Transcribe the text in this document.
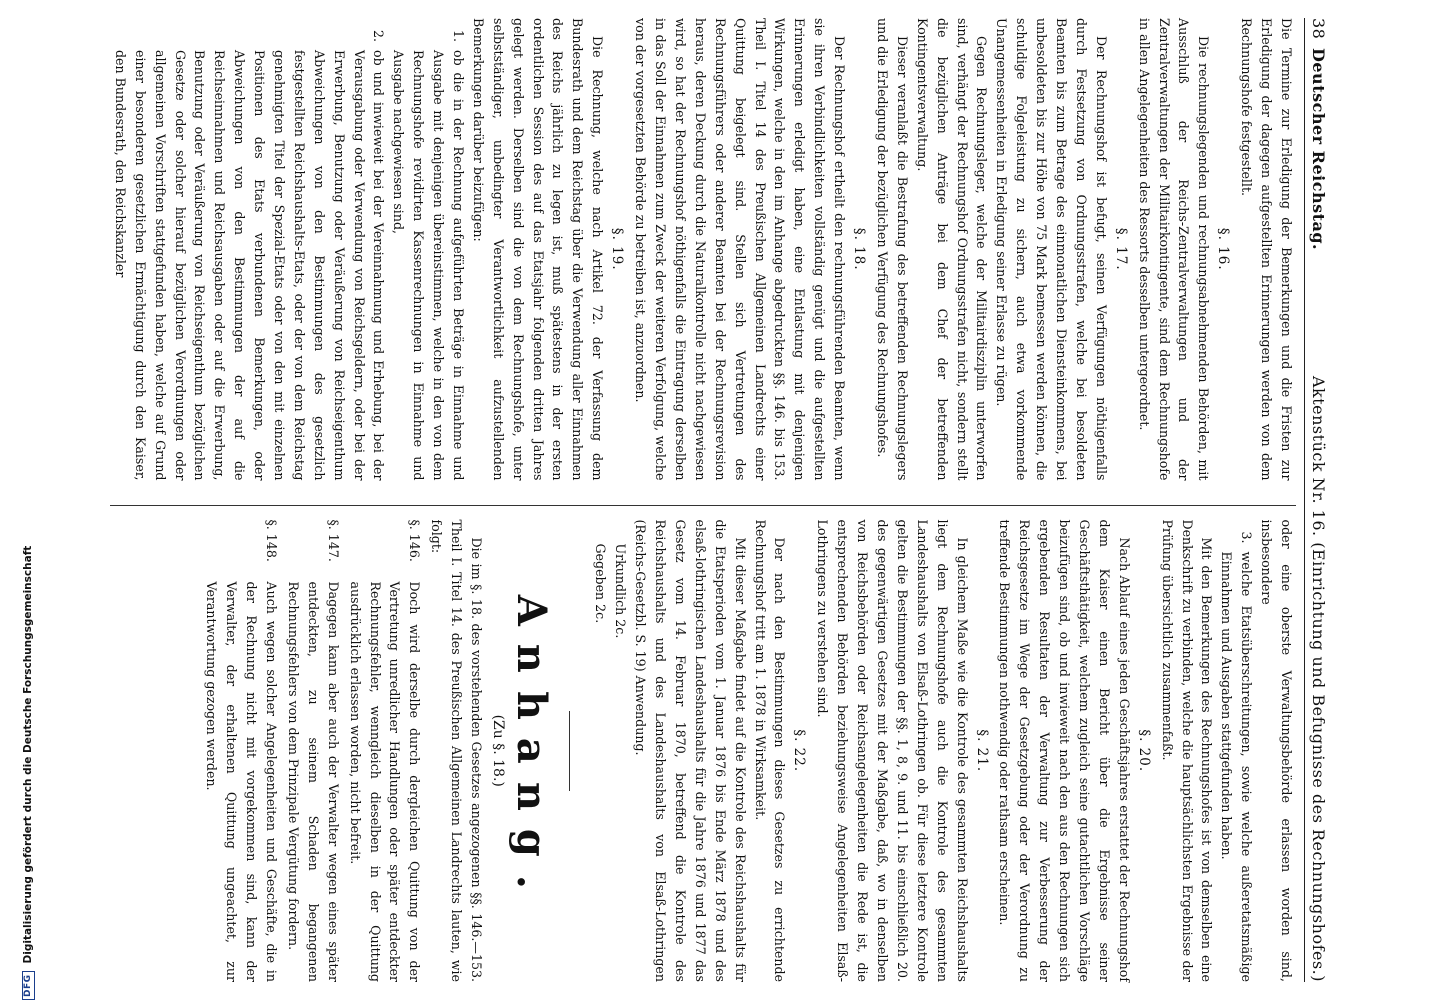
38
Deutscher Reichstag.
Aktenstück Nr. 16. (Einrichtung und Befugnisse des Rechnungshofes.)

Die Termine zur Erledigung der Bemerkungen und die Fristen zur Erledigung der dagegen aufgestellten Erinnerungen werden von dem Rechnungshofe festgestellt.

§. 16.

Die rechnungslegenden und rechnungsabnehmenden Behörden, mit Ausschluß der Reichs-Zentralverwaltungen und der Zentralverwaltungen der Militairkontingente, sind dem Rechnungshofe in allen Angelegenheiten des Ressorts desselben untergeordnet.

§. 17.

Der Rechnungshof ist befugt, seinen Verfügungen nöthigenfalls durch Festsetzung von Ordnungsstrafen, welche bei besoldeten Beamten bis zum Betrage des einmonatlichen Diensteinkommens, bei unbesoldeten bis zur Höhe von 75 Mark bemessen werden können, die schuldige Folgeleistung zu sichern, auch etwa vorkommende Unangemessenheiten in Erledigung seiner Erlasse zu rügen.

Gegen Rechnungsleger, welche der Militairdisziplin unterworfen sind, verhängt der Rechnungshof Ordnungsstrafen nicht, sondern stellt die bezüglichen Anträge bei dem Chef der betreffenden Kontingentsverwaltung.

Dieser veranlaßt die Bestrafung des betreffenden Rechnungslegers und die Erledigung der bezüglichen Verfügung des Rechnungshofes.

§. 18.

Der Rechnungshof ertheilt den rechnungsführenden Beamten, wenn sie ihren Verbindlichkeiten vollständig genügt und die aufgestellten Erinnerungen erledigt haben, eine Entlastung mit denjenigen Wirkungen, welche in den im Anhange abgedruckten §§. 146. bis 153. Theil I. Titel 14 des Preußischen Allgemeinen Landrechts einer Quittung beigelegt sind. Stellen sich Vertretungen des Rechnungsführers oder anderer Beamten bei der Rechnungsrevision heraus, deren Deckung durch die Naturalkontrolle nicht nachgewiesen wird, so hat der Rechnungshof nöthigenfalls die Eintragung derselben in das Soll der Einnahmen zum Zweck der weiteren Verfolgung, welche von der vorgesetzten Behörde zu betreiben ist, anzuordnen.

§. 19.

Die Rechnung, welche nach Artikel 72. der Verfassung dem Bundesrath und dem Reichstag über die Verwendung aller Einnahmen des Reichs jährlich zu legen ist, muß spätestens in der ersten ordentlichen Session des auf das Etatsjahr folgenden dritten Jahres gelegt werden. Derselben sind die von dem Rechnungshofe, unter selbstständiger, unbedingter Verantwortlichkeit aufzustellenden Bemerkungen darüber beizufügen:

1.
ob die in der Rechnung aufgeführten Beträge in Einnahme und Ausgabe mit denjenigen übereinstimmen, welche in den von dem Rechnungshofe revidirten Kassenrechnungen in Einnahme und Ausgabe nachgewiesen sind,
2.
ob und inwieweit bei der Vereinnahmung und Erhebung, bei der Verausgabung oder Verwendung von Reichsgeldern, oder bei der Erwerbung, Benutzung oder Veräußerung von Reichseigenthum Abweichungen von den Bestimmungen des gesetzlich festgestellten Reichshaushalts-Etats, oder der von dem Reichstag genehmigten Titel der Spezial-Etats oder von den mit einzelnen Positionen des Etats verbundenen Bemerkungen, oder Abweichungen von den Bestimmungen der auf die Reichseinnahmen und Reichsausgaben oder auf die Erwerbung, Benutzung oder Veräußerung von Reichseigenthum bezüglichen Gesetze oder solcher hierauf bezüglichen Verordnungen oder allgemeinen Vorschriften stattgefunden haben, welche auf Grund einer besonderen gesetzlichen Ermächtigung durch den Kaiser, den Bundesrath, den Reichskanzler

oder eine oberste Verwaltungsbehörde erlassen worden sind, insbesondere

3.
welche Etatsüberschreitungen, sowie welche außeretatsmäßige Einnahmen und Ausgaben stattgefunden haben.

Mit den Bemerkungen des Rechnungshofes ist von demselben eine Denkschrift zu verbinden, welche die hauptsächlichsten Ergebnisse der Prüfung übersichtlich zusammenfaßt.

§. 20.

Nach Ablauf eines jeden Geschäftsjahres erstattet der Rechnungshof dem Kaiser einen Bericht über die Ergebnisse seiner Geschäftsthätigkeit, welchem zugleich seine gutachtlichen Vorschläge beizufügen sind, ob und inwieweit nach den aus den Rechnungen sich ergebenden Resultaten der Verwaltung zur Verbesserung der Reichsgesetze im Wege der Gesetzgebung oder der Verordnung zu treffende Bestimmungen nothwendig oder rathsam erscheinen.

§. 21.

In gleichem Maße wie die Kontrole des gesammten Reichshaushalts liegt dem Rechnungshofe auch die Kontrole des gesammten Landeshaushalts von Elsaß-Lothringen ob. Für diese letztere Kontrole gelten die Bestimmungen der §§. 1, 8, 9. und 11. bis einschließlich 20. des gegenwärtigen Gesetzes mit der Maßgabe, daß, wo in denselben von Reichsbehörden oder Reichsangelegenheiten die Rede ist, die entsprechenden Behörden beziehungsweise Angelegenheiten Elsaß-Lothringens zu verstehen sind.

§. 22.

Der nach den Bestimmungen dieses Gesetzes zu errichtende Rechnungshof tritt am 1. 1878 in Wirksamkeit.

Mit dieser Maßgabe findet auf die Kontrole des Reichshaushalts für die Etatsperioden vom 1. Januar 1876 bis Ende März 1878 und des elsaß-lothringischen Landeshaushalts für die Jahre 1876 und 1877 das Gesetz vom 14. Februar 1870, betreffend die Kontrole des Reichshaushalts und des Landeshaushalts von Elsaß-Lothringen (Reichs-Gesetzbl. S. 19) Anwendung.

Urkundlich 2c.
Gegeben 2c.
Anhang.
(Zu §. 18.)

Die im §. 18. des vorstehenden Gesetzes angezogenen §§. 146.—153. Theil I. Titel 14. des Preußischen Allgemeinen Landrechts lauten, wie folgt:

§. 146.
Doch wird derselbe durch dergleichen Quittung von der Vertretung unredlicher Handlungen oder später entdeckter Rechnungsfehler, wenngleich dieselben in der Quittung ausdrücklich erlassen worden, nicht befreit.
§. 147.
Dagegen kann aber auch der Verwalter wegen eines später entdeckten, zu seinem Schaden begangenen Rechnungsfehlers von dem Prinzipale Vergütung fordern.
§. 148.
Auch wegen solcher Angelegenheiten und Geschäfte, die in der Rechnung nicht mit vorgekommen sind, kann der Verwalter, der erhaltenen Quittung ungeachtet, zur Verantwortung gezogen werden.
DFG
Digitalisierung gefördert durch die Deutsche Forschungsgemeinschaft
